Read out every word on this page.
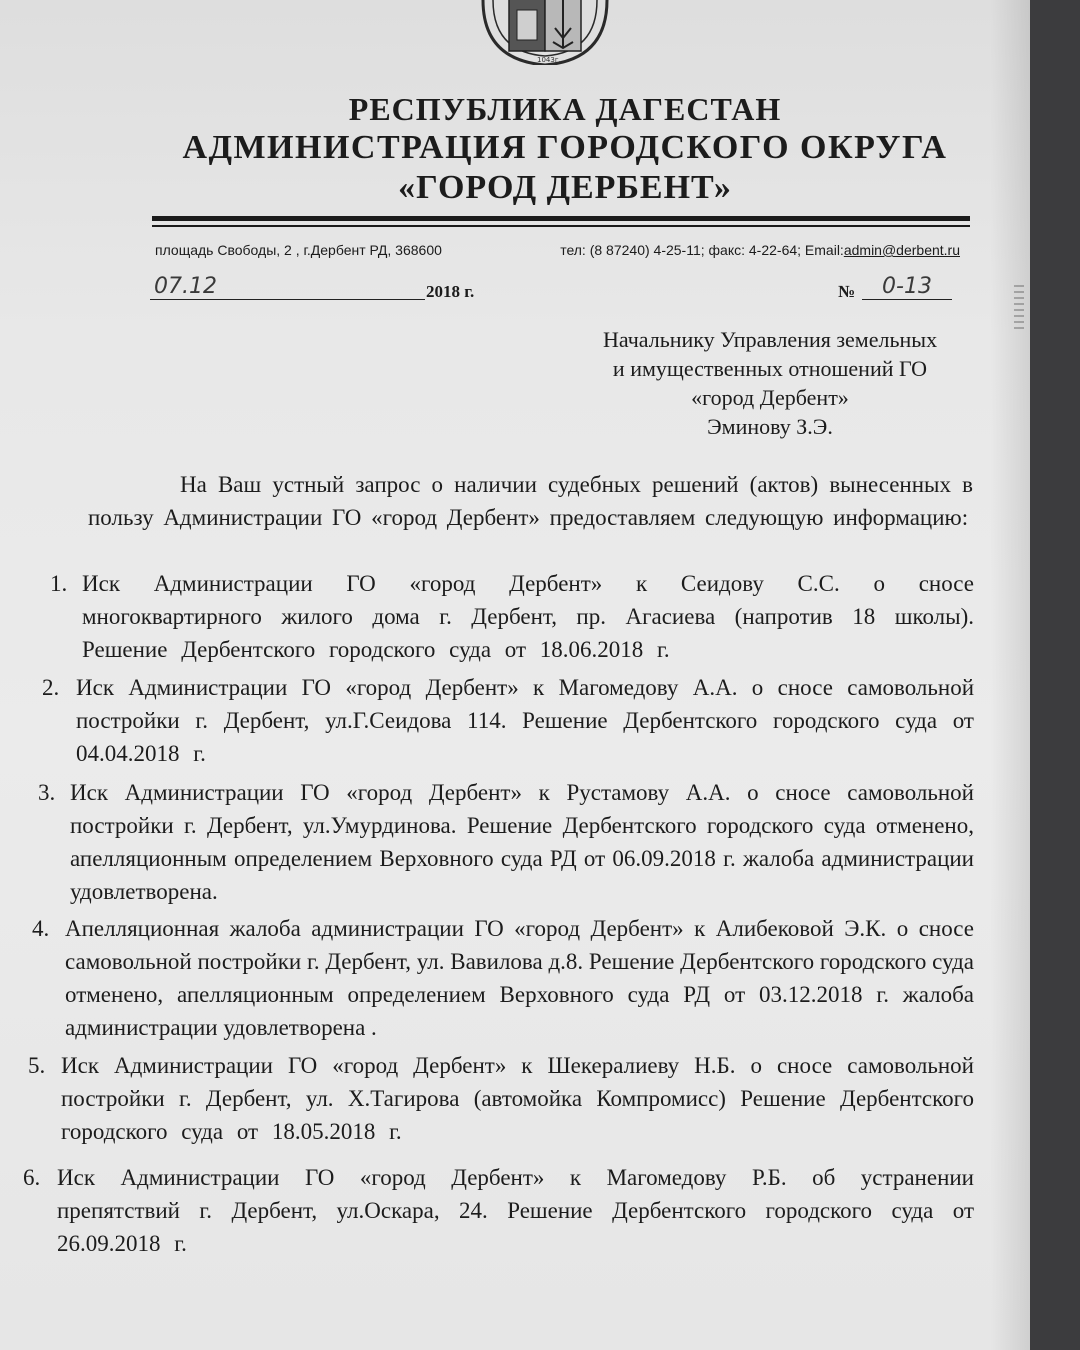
1043г.
РЕСПУБЛИКА ДАГЕСТАН
АДМИНИСТРАЦИЯ ГОРОДСКОГО ОКРУГА
«ГОРОД ДЕРБЕНТ»
площадь Свободы, 2 , г.Дербент РД, 368600	тел: (8 87240) 4-25-11; факс: 4-22-64; Email:admin@derbent.ru
07.12	2018 г.	№	0-13
Начальнику Управления земельных
и имущественных отношений ГО
«город Дербент»
Эминову З.Э.
На Ваш устный запрос о наличии судебных решений (актов) вынесенных в пользу Администрации ГО «город Дербент» предоставляем следующую информацию:
1. Иск Администрации ГО «город Дербент» к Сеидову С.С. о сносе многоквартирного жилого дома г. Дербент, пр. Агасиева (напротив 18 школы). Решение Дербентского городского суда от 18.06.2018 г.
2. Иск Администрации ГО «город Дербент» к Магомедову А.А. о сносе самовольной постройки г. Дербент, ул.Г.Сеидова 114. Решение Дербентского городского суда от 04.04.2018 г.
3. Иск Администрации ГО «город Дербент» к Рустамову А.А. о сносе самовольной постройки г. Дербент, ул.Умурдинова. Решение Дербентского городского суда отменено, апелляционным определением Верховного суда РД от 06.09.2018 г. жалоба администрации удовлетворена.
4. Апелляционная жалоба администрации ГО «город Дербент» к Алибековой Э.К. о сносе самовольной постройки г. Дербент, ул. Вавилова д.8. Решение Дербентского городского суда отменено, апелляционным определением Верховного суда РД от 03.12.2018 г. жалоба администрации удовлетворена .
5. Иск Администрации ГО «город Дербент» к Шекералиеву Н.Б. о сносе самовольной постройки г. Дербент, ул. Х.Тагирова (автомойка Компромисс) Решение Дербентского городского суда от 18.05.2018 г.
6. Иск Администрации ГО «город Дербент» к Магомедову Р.Б. об устранении препятствий г. Дербент, ул.Оскара, 24. Решение Дербентского городского суда от 26.09.2018 г.
